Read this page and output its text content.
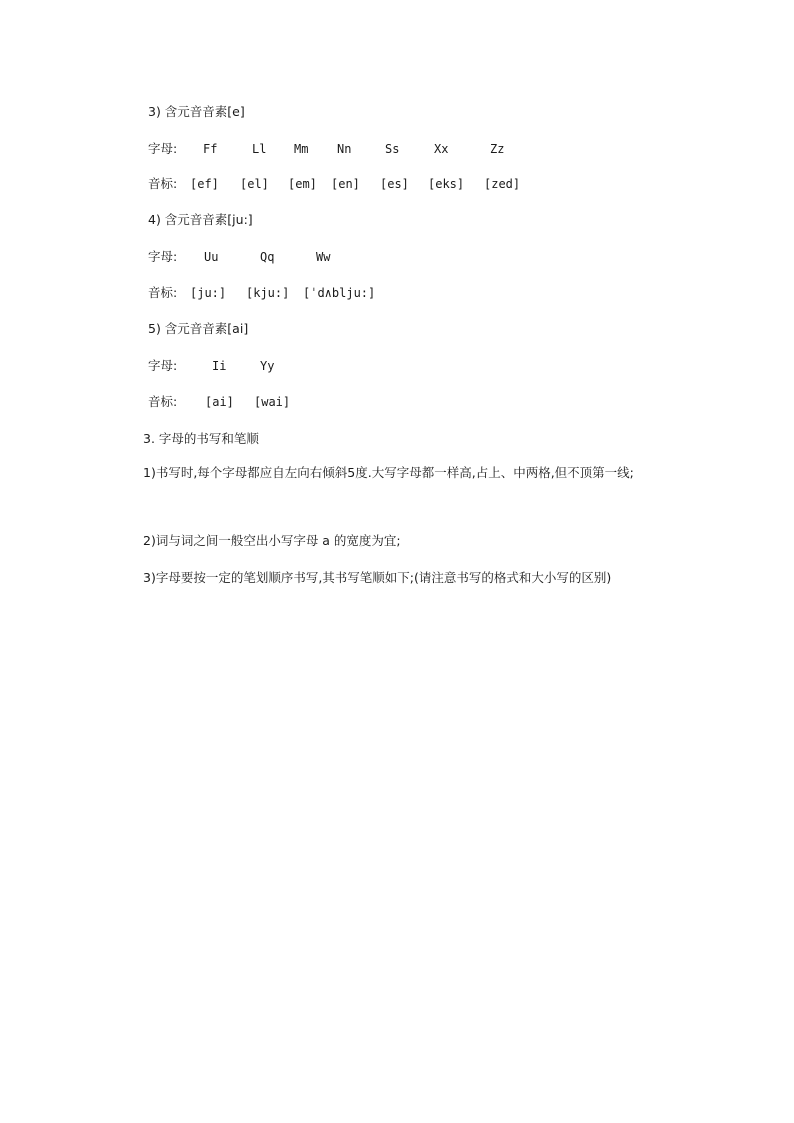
3) 含元音音素[e]
字母: Ff	Ll Mm Nn	Ss	Xx	Zz
音标: [ef] [el] [em] [en] [es] [eks] [zed]
4) 含元音音素[ju:]
字母: Uu	Qq	Ww
音标: [ju:] [kju:] [ˈd∧blju:]
5) 含元音音素[ai]
字母:	Ii	Yy
音标: [ai] [wai]
3. 字母的书写和笔顺

1)书写时,每个字母都应自左向右倾斜5度.大写字母都一样高,占上、中两格,但不顶第一线;

2)词与词之间一般空出小写字母 a 的宽度为宜;

3)字母要按一定的笔划顺序书写,其书写笔顺如下;(请注意书写的格式和大小写的区别)
